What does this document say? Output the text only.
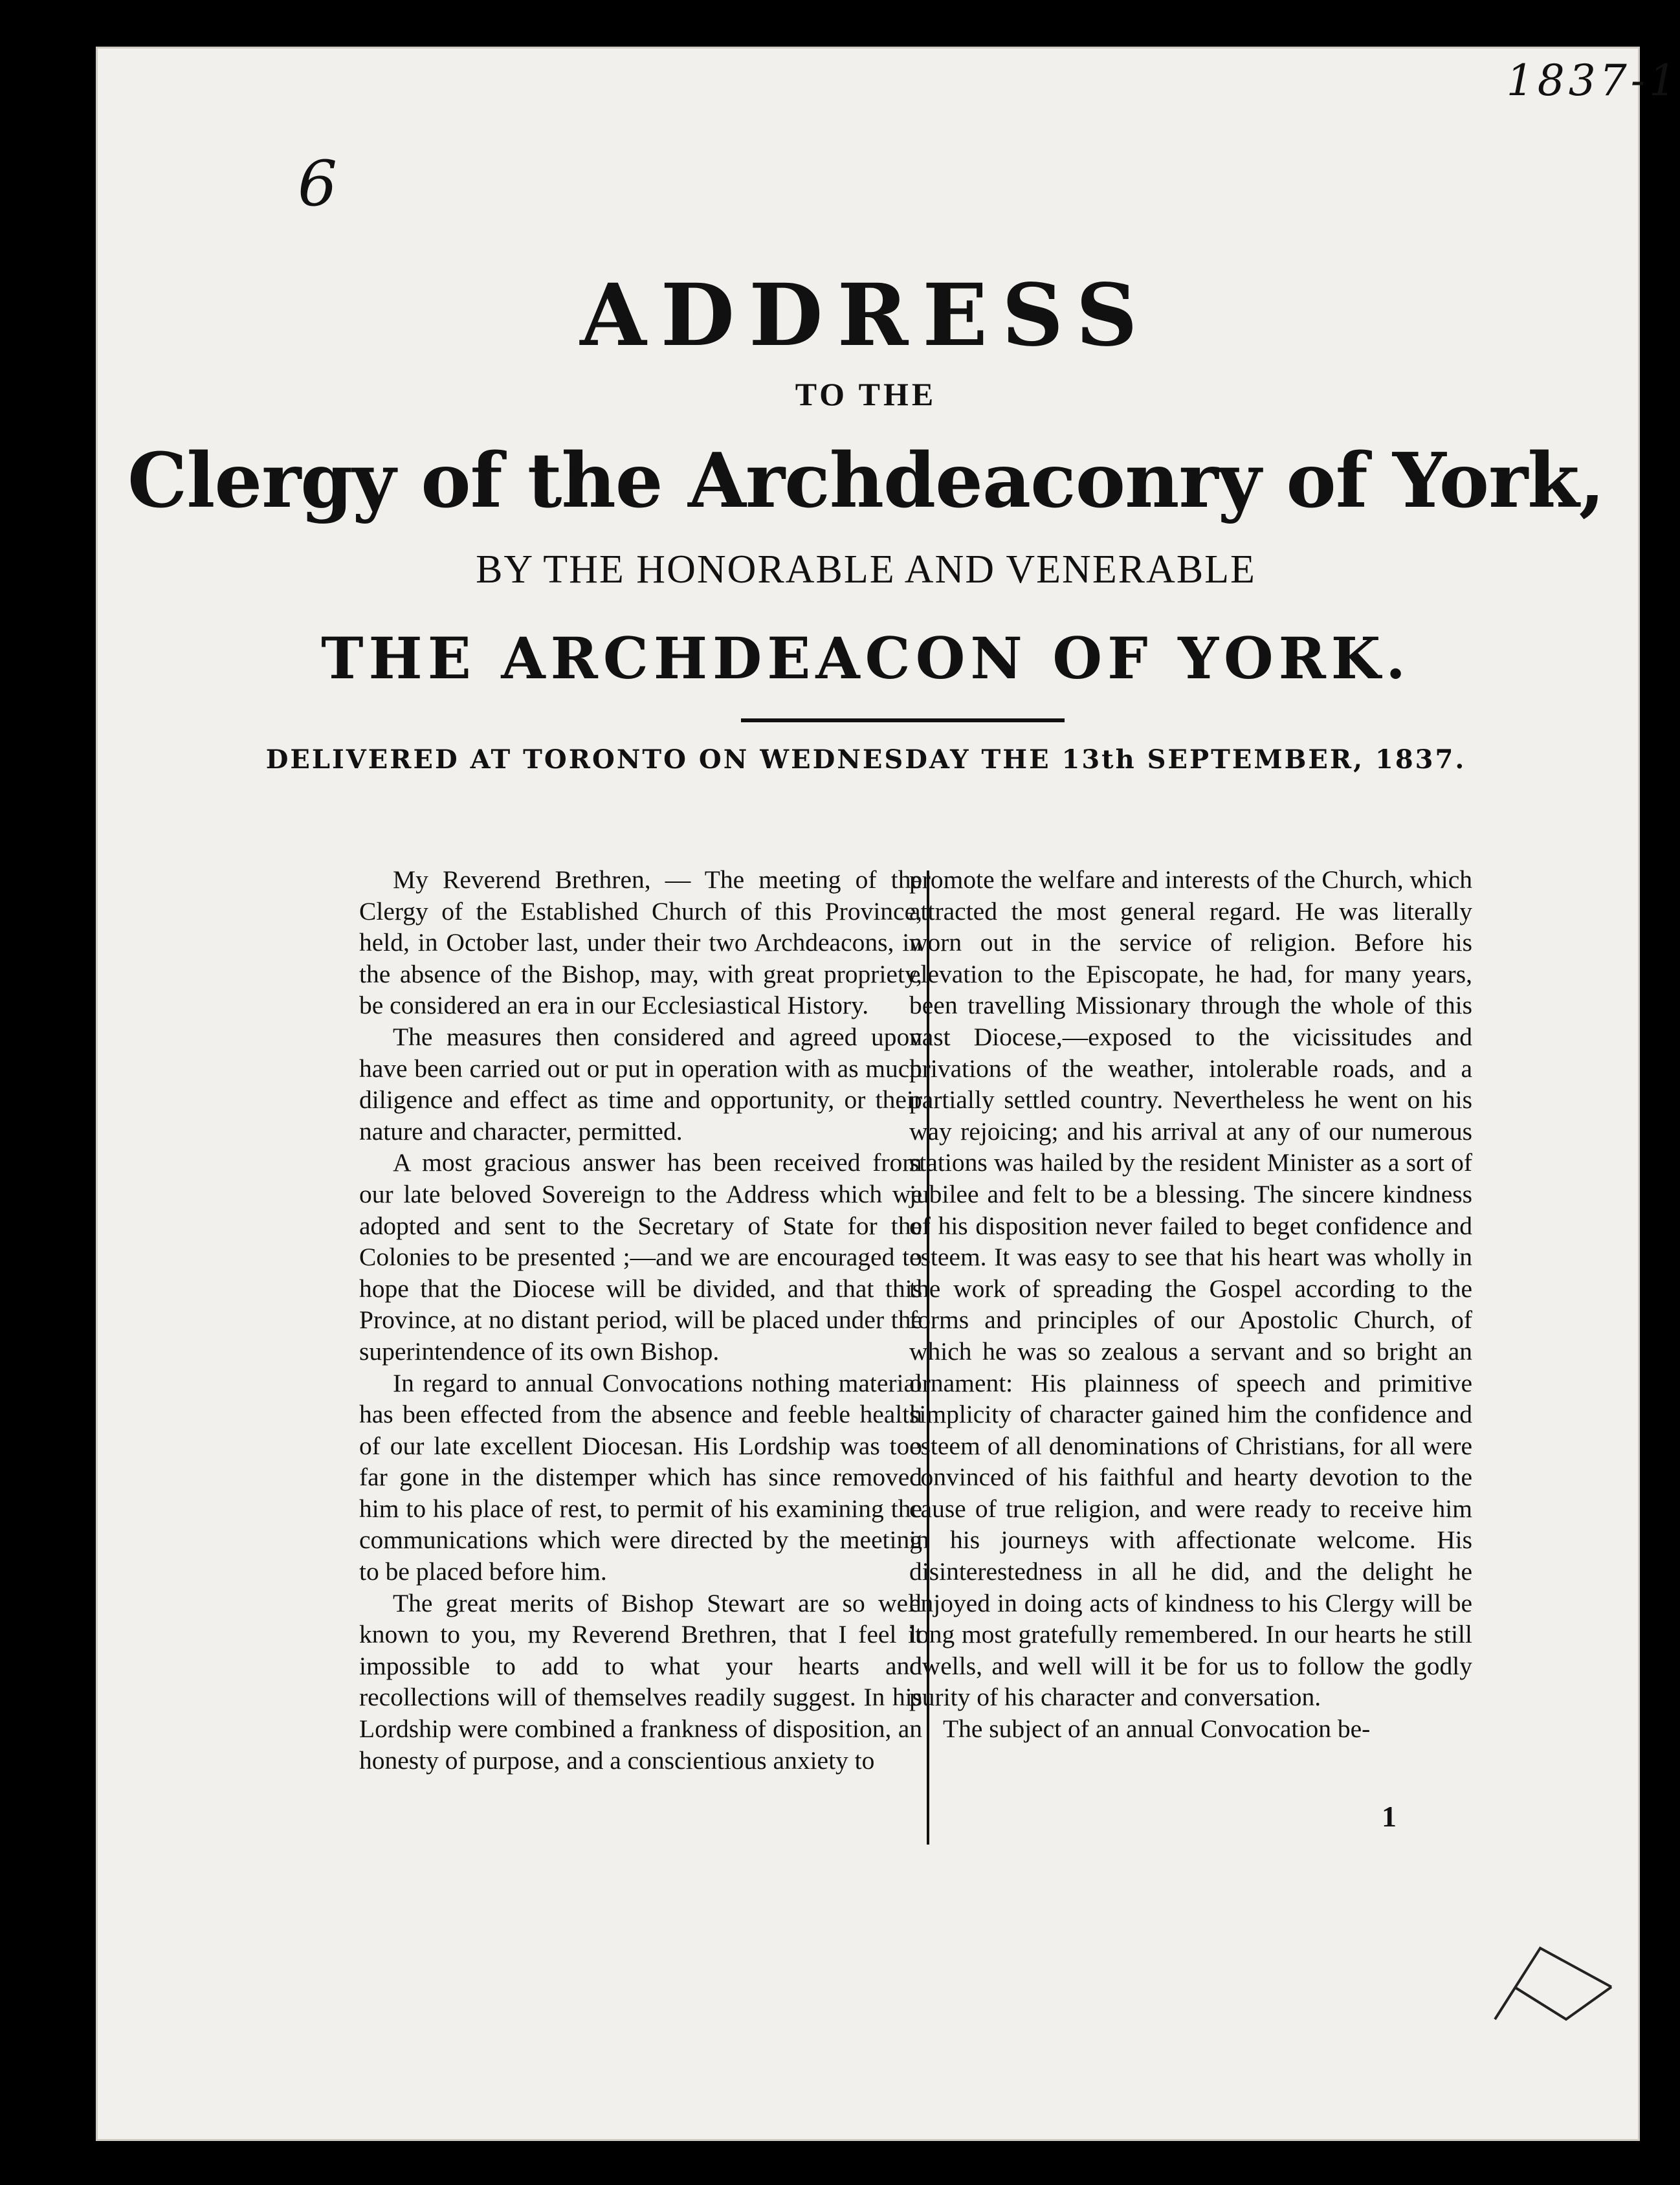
6
1837-1
ADDRESS
TO THE
Clergy of the Archdeaconry of York,
BY THE HONORABLE AND VENERABLE
THE ARCHDEACON OF YORK.
DELIVERED AT TORONTO ON WEDNESDAY THE 13th SEPTEMBER, 1837.

My Reverend Brethren, — The meeting of the Clergy of the Established Church of this Province, held, in October last, under their two Archdeacons, in the absence of the Bishop, may, with great propriety, be considered an era in our Ecclesiastical History.

The measures then considered and agreed upon have been carried out or put in operation with as much diligence and effect as time and opportunity, or their nature and character, permitted.

A most gracious answer has been received from our late beloved Sovereign to the Address which we adopted and sent to the Secretary of State for the Colonies to be presented ;—and we are encouraged to hope that the Diocese will be divided, and that this Province, at no distant period, will be placed under the superintendence of its own Bishop.

In regard to annual Convocations nothing material has been effected from the absence and feeble health of our late excellent Diocesan. His Lordship was too far gone in the distemper which has since removed him to his place of rest, to permit of his examining the communications which were directed by the meeting to be placed before him.

The great merits of Bishop Stewart are so well known to you, my Reverend Brethren, that I feel it impossible to add to what your hearts and recollections will of themselves readily suggest. In his Lordship were combined a frankness of disposition, an honesty of purpose, and a conscientious anxiety to

promote the welfare and interests of the Church, which attracted the most general regard. He was literally worn out in the service of religion. Before his elevation to the Episcopate, he had, for many years, been travelling Missionary through the whole of this vast Diocese,—exposed to the vicissitudes and privations of the weather, intolerable roads, and a partially settled country. Nevertheless he went on his way rejoicing; and his arrival at any of our numerous stations was hailed by the resident Minister as a sort of jubilee and felt to be a blessing. The sincere kindness of his disposition never failed to beget confidence and esteem. It was easy to see that his heart was wholly in the work of spreading the Gospel according to the forms and principles of our Apostolic Church, of which he was so zealous a servant and so bright an ornament: His plainness of speech and primitive simplicity of character gained him the confidence and esteem of all denominations of Christians, for all were convinced of his faithful and hearty devotion to the cause of true religion, and were ready to receive him in his journeys with affectionate welcome. His disinterestedness in all he did, and the delight he enjoyed in doing acts of kindness to his Clergy will be long most gratefully remembered. In our hearts he still dwells, and well will it be for us to follow the godly purity of his character and conversation.

The subject of an annual Convocation be-

1
